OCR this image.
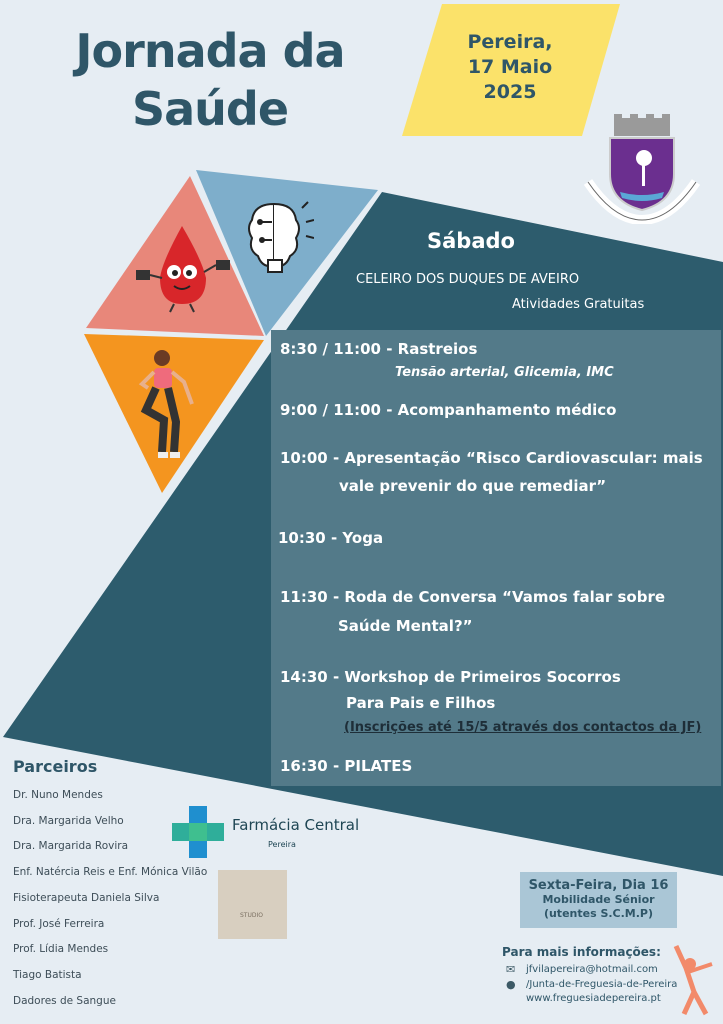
Jornada da
Saúde
Pereira,
17 Maio
2025
Sábado
CELEIRO DOS DUQUES DE AVEIRO
Atividades Gratuitas
8:30 / 11:00 - Rastreios
Tensão arterial, Glicemia, IMC
9:00 / 11:00 - Acompanhamento médico
10:00 - Apresentação “Risco Cardiovascular: mais
vale prevenir do que remediar”
10:30 - Yoga
11:30 - Roda de Conversa “Vamos falar sobre
Saúde Mental?”
14:30 - Workshop de Primeiros Socorros
Para Pais e Filhos
(Inscrições até 15/5 através dos contactos da JF)
16:30 - PILATES
Parceiros
Dr. Nuno Mendes
Dra. Margarida Velho
Dra. Margarida Rovira
Enf. Natércia Reis e Enf. Mónica Vilão
Fisioterapeuta Daniela Silva
Prof. José Ferreira
Prof. Lídia Mendes
Tiago Batista
Dadores de Sangue
Farmácia Central
Pereira
STUDIO
Sexta-Feira, Dia 16
Mobilidade Sénior
(utentes S.C.M.P)
Para mais informações:
✉ jfvilapereira@hotmail.com
● /Junta-de-Freguesia-de-Pereira
www.freguesiadepereira.pt
